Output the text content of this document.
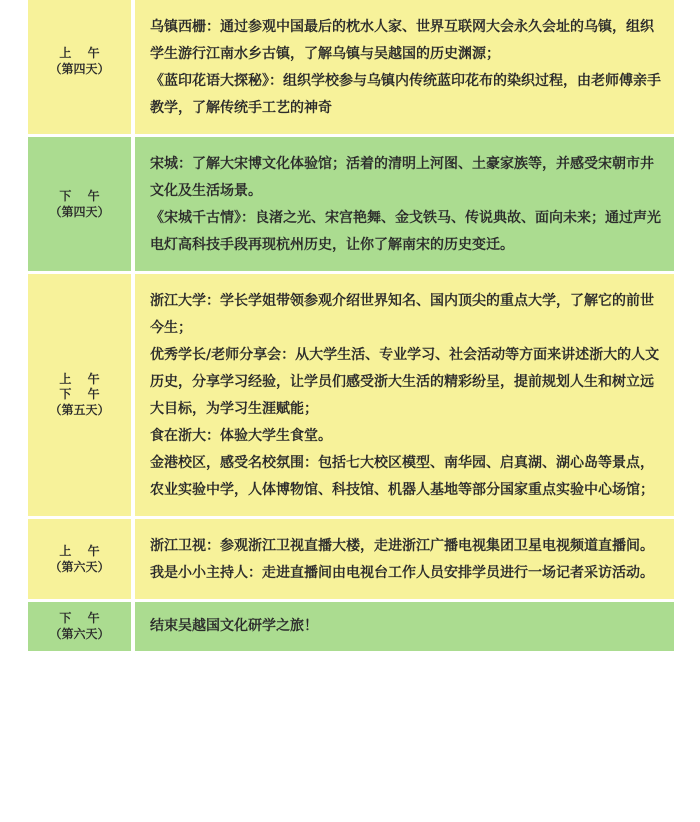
上 午
（第四天）

乌镇西栅：通过参观中国最后的枕水人家、世界互联网大会永久会址的乌镇，组织学生游行江南水乡古镇，了解乌镇与吴越国的历史渊源；

《蓝印花语大探秘》：组织学校参与乌镇内传统蓝印花布的染织过程，由老师傅亲手教学，了解传统手工艺的神奇

下 午
（第四天）

宋城：了解大宋博文化体验馆；活着的清明上河图、土豪家族等，并感受宋朝市井文化及生活场景。

《宋城千古情》：良渚之光、宋宫艳舞、金戈铁马、传说典故、面向未来；通过声光电灯高科技手段再现杭州历史，让你了解南宋的历史变迁。

上 午
下 午
（第五天）

浙江大学：学长学姐带领参观介绍世界知名、国内顶尖的重点大学，了解它的前世今生；

优秀学长/老师分享会：从大学生活、专业学习、社会活动等方面来讲述浙大的人文历史，分享学习经验，让学员们感受浙大生活的精彩纷呈，提前规划人生和树立远大目标，为学习生涯赋能；

食在浙大：体验大学生食堂。

金港校区，感受名校氛围：包括七大校区模型、南华园、启真湖、湖心岛等景点，农业实验中学，人体博物馆、科技馆、机器人基地等部分国家重点实验中心场馆；

上 午
（第六天）

浙江卫视：参观浙江卫视直播大楼，走进浙江广播电视集团卫星电视频道直播间。

我是小小主持人：走进直播间由电视台工作人员安排学员进行一场记者采访活动。

下 午
（第六天）	结束吴越国文化研学之旅！
